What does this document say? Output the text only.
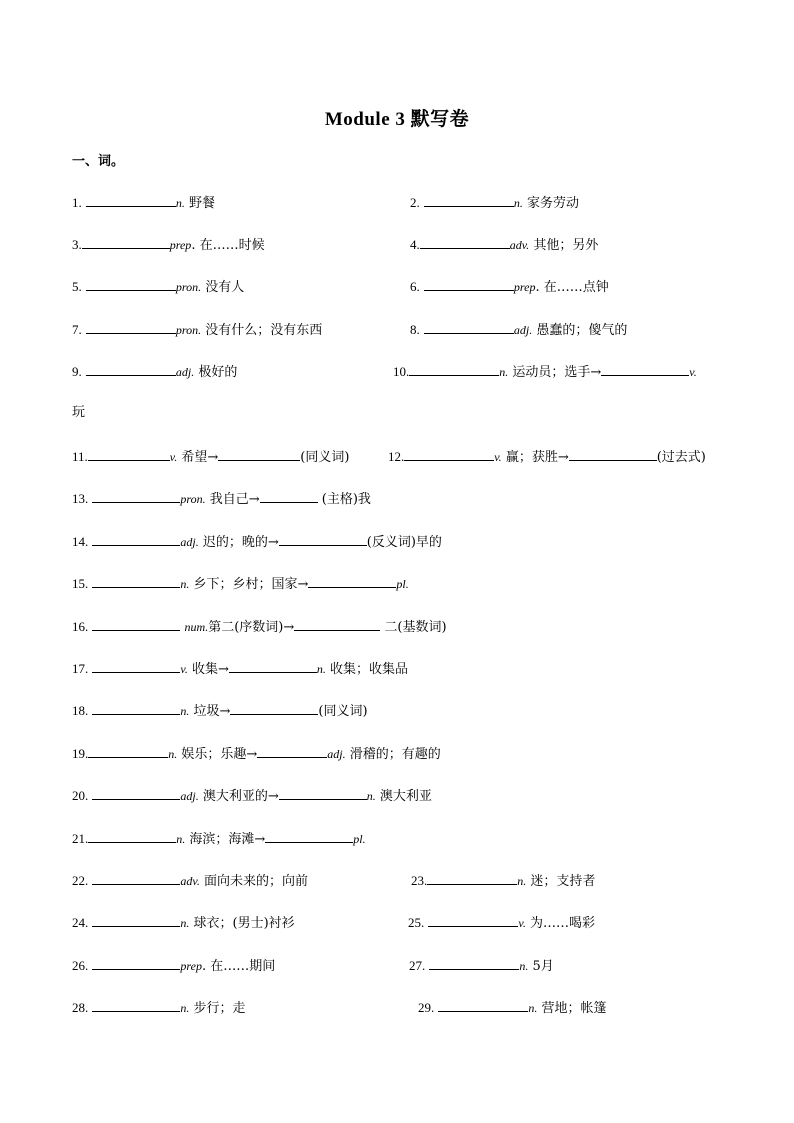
Module 3 默写卷
一、词。
1.	n. 野餐	2.	n. 家务劳动
3.	prep. 在……时候	4.	adv. 其他；另外
5.	pron. 没有人	6.	prep. 在……点钟
7.	pron. 没有什么；没有东西	8.	adj. 愚蠢的；傻气的
9.	adj. 极好的	10.	n. 运动员；选手→	v.
玩
11.	v. 希望→	(同义词)	12.	v. 赢；获胜→	(过去式)
13.	pron. 我自己→	(主格)我
14.	adj. 迟的；晚的→	(反义词)早的
15.	n. 乡下；乡村；国家→	pl.
16.	num.第二(序数词)→	二(基数词)
17.	v. 收集→	n. 收集；收集品
18.	n. 垃圾→	(同义词)
19.	n. 娱乐；乐趣→	adj. 滑稽的；有趣的
20.	adj. 澳大利亚的→	n. 澳大利亚
21.	n. 海滨；海滩→	pl.
22.	adv. 面向未来的；向前	23.	n. 迷；支持者
24.	n. 球衣；(男士)衬衫	25.	v. 为……喝彩
26.	prep. 在……期间	27.	n. 5月
28.	n. 步行；走	29.	n. 营地；帐篷
